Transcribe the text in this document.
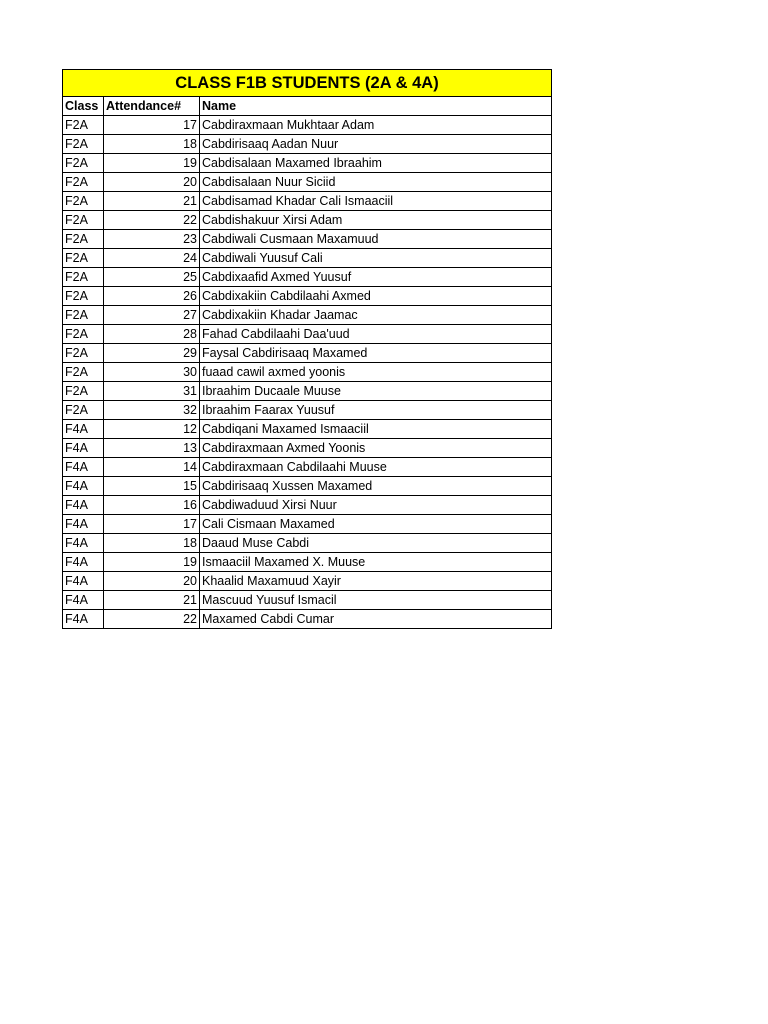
CLASS F1B STUDENTS (2A & 4A)		
Class	Attendance#	Name
F2A	17	Cabdiraxmaan Mukhtaar Adam
F2A	18	Cabdirisaaq Aadan Nuur
F2A	19	Cabdisalaan Maxamed Ibraahim
F2A	20	Cabdisalaan Nuur Siciid
F2A	21	Cabdisamad Khadar Cali Ismaaciil
F2A	22	Cabdishakuur Xirsi Adam
F2A	23	Cabdiwali Cusmaan Maxamuud
F2A	24	Cabdiwali Yuusuf Cali
F2A	25	Cabdixaafid Axmed Yuusuf
F2A	26	Cabdixakiin Cabdilaahi Axmed
F2A	27	Cabdixakiin Khadar Jaamac
F2A	28	Fahad Cabdilaahi Daa'uud
F2A	29	Faysal Cabdirisaaq Maxamed
F2A	30	fuaad cawil axmed yoonis
F2A	31	Ibraahim Ducaale Muuse
F2A	32	Ibraahim Faarax Yuusuf
F4A	12	Cabdiqani Maxamed Ismaaciil
F4A	13	Cabdiraxmaan Axmed Yoonis
F4A	14	Cabdiraxmaan Cabdilaahi Muuse
F4A	15	Cabdirisaaq Xussen Maxamed
F4A	16	Cabdiwaduud Xirsi Nuur
F4A	17	Cali Cismaan Maxamed
F4A	18	Daaud Muse Cabdi
F4A	19	Ismaaciil Maxamed X. Muuse
F4A	20	Khaalid Maxamuud Xayir
F4A	21	Mascuud Yuusuf Ismacil
F4A	22	Maxamed Cabdi Cumar
